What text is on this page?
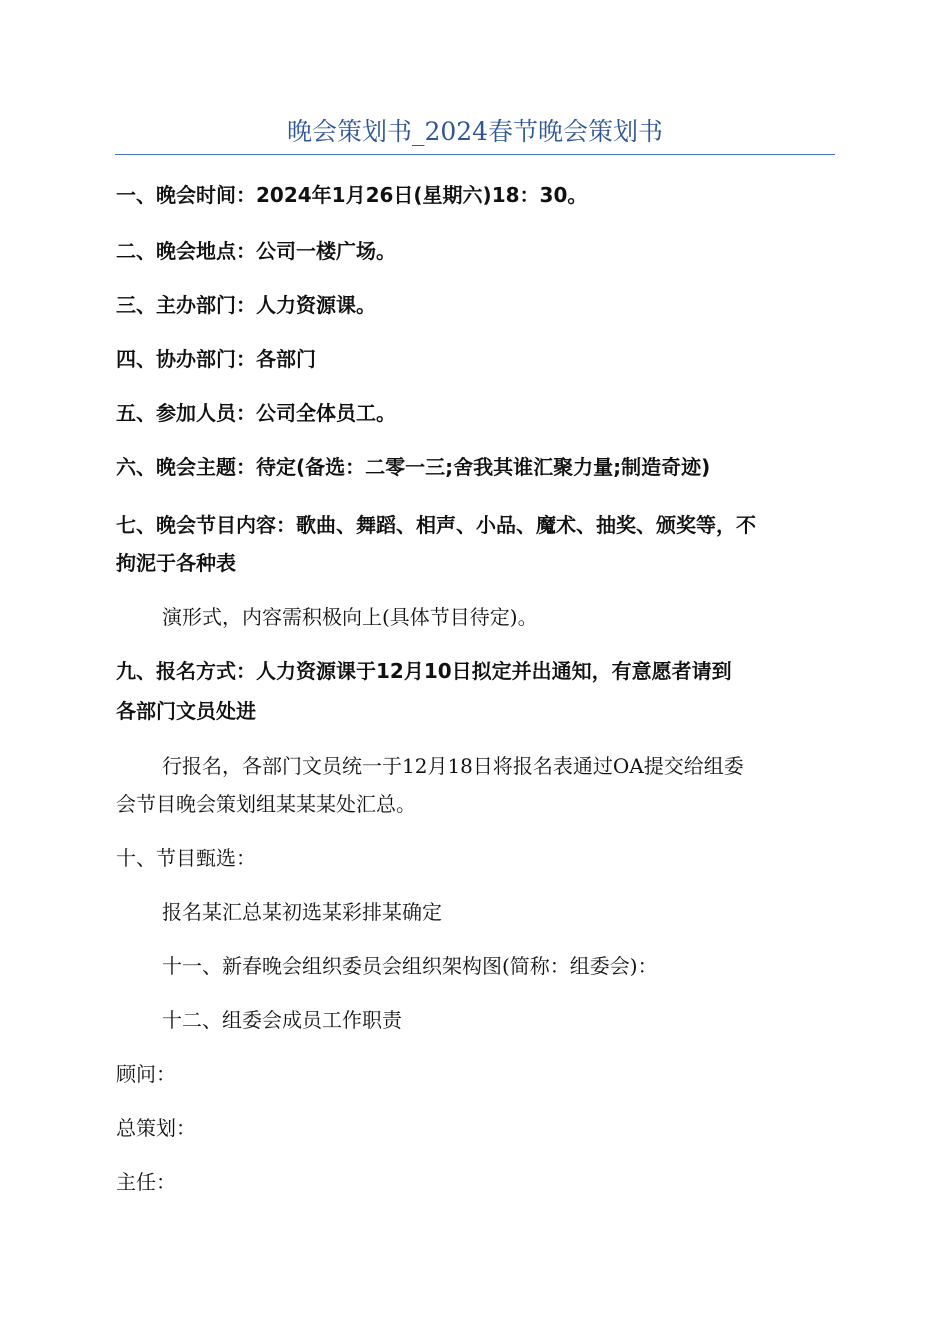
晚会策划书_2024春节晚会策划书
一、晚会时间：2024年1月26日(星期六)18：30。
二、晚会地点：公司一楼广场。
三、主办部门：人力资源课。
四、协办部门：各部门
五、参加人员：公司全体员工。
六、晚会主题：待定(备选：二零一三;舍我其谁汇聚力量;制造奇迹)
七、晚会节目内容：歌曲、舞蹈、相声、小品、魔术、抽奖、颁奖等，不
拘泥于各种表
演形式，内容需积极向上(具体节目待定)。
九、报名方式：人力资源课于12月10日拟定并出通知，有意愿者请到
各部门文员处进
行报名，各部门文员统一于12月18日将报名表通过OA提交给组委
会节目晚会策划组某某某处汇总。
十、节目甄选：
报名某汇总某初选某彩排某确定
十一、新春晚会组织委员会组织架构图(简称：组委会)：
十二、组委会成员工作职责
顾问：
总策划：
主任：
